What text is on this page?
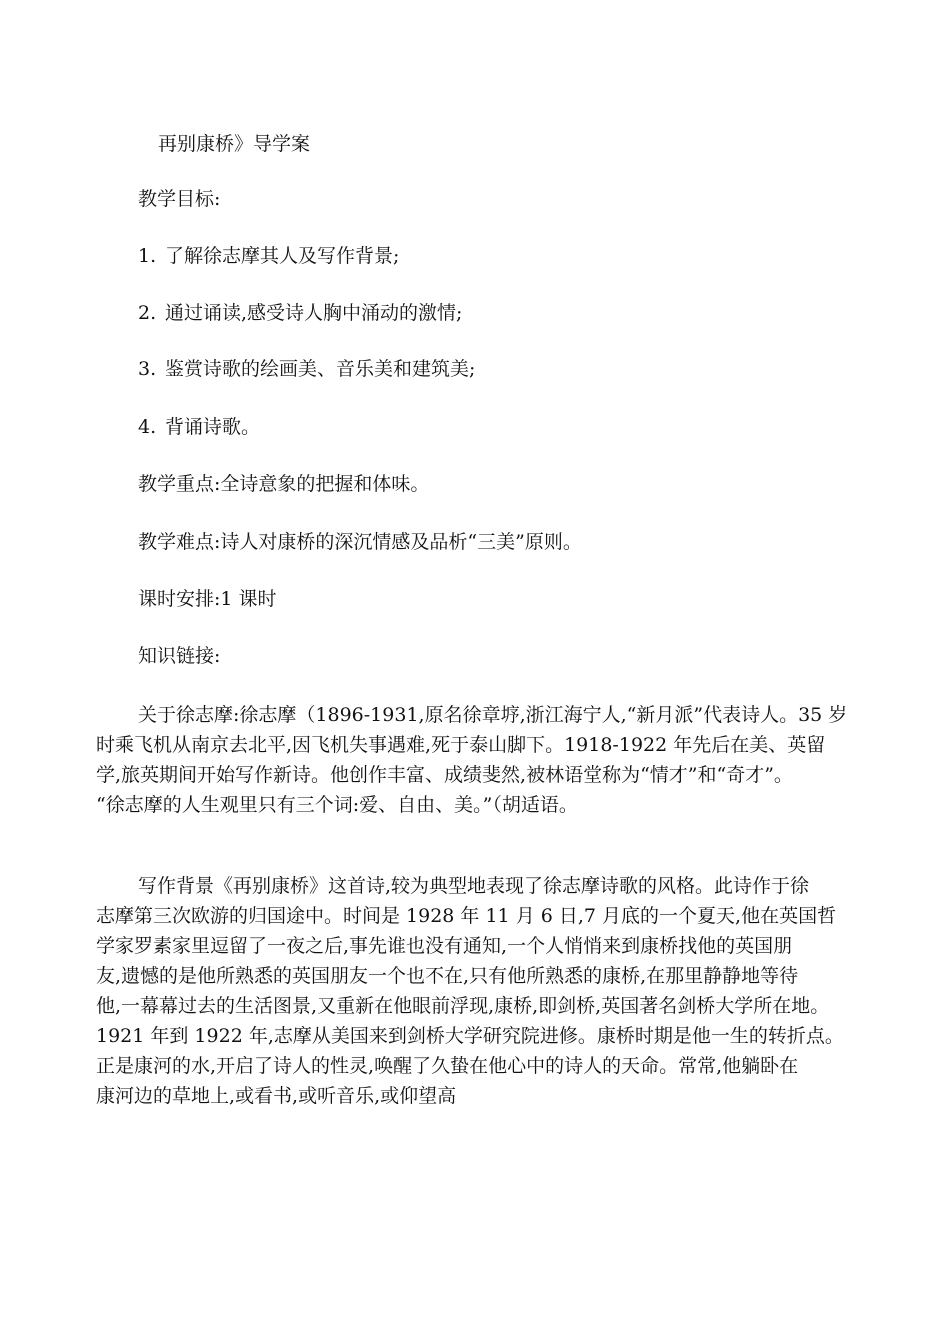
再别康桥》导学案
教学目标:
1. 了解徐志摩其人及写作背景;
2. 通过诵读,感受诗人胸中涌动的激情;
3. 鉴赏诗歌的绘画美、音乐美和建筑美;
4. 背诵诗歌。
教学重点:全诗意象的把握和体味。
教学难点:诗人对康桥的深沉情感及品析“三美”原则。
课时安排:1 课时
知识链接:
关于徐志摩:徐志摩（1896-1931,原名徐章垿,浙江海宁人,“新月派”代表诗人。35 岁
时乘飞机从南京去北平,因飞机失事遇难,死于泰山脚下。1918-1922 年先后在美、英留
学,旅英期间开始写作新诗。他创作丰富、成绩斐然,被林语堂称为“情才”和“奇才”。
“徐志摩的人生观里只有三个词:爱、自由、美。”（胡适语。
写作背景《再别康桥》这首诗,较为典型地表现了徐志摩诗歌的风格。此诗作于徐
志摩第三次欧游的归国途中。时间是 1928 年 11 月 6 日,7 月底的一个夏天,他在英国哲
学家罗素家里逗留了一夜之后,事先谁也没有通知,一个人悄悄来到康桥找他的英国朋
友,遗憾的是他所熟悉的英国朋友一个也不在,只有他所熟悉的康桥,在那里静静地等待
他,一幕幕过去的生活图景,又重新在他眼前浮现,康桥,即剑桥,英国著名剑桥大学所在地。
1921 年到 1922 年,志摩从美国来到剑桥大学研究院进修。康桥时期是他一生的转折点。
正是康河的水,开启了诗人的性灵,唤醒了久蛰在他心中的诗人的天命。常常,他躺卧在
康河边的草地上,或看书,或听音乐,或仰望高
